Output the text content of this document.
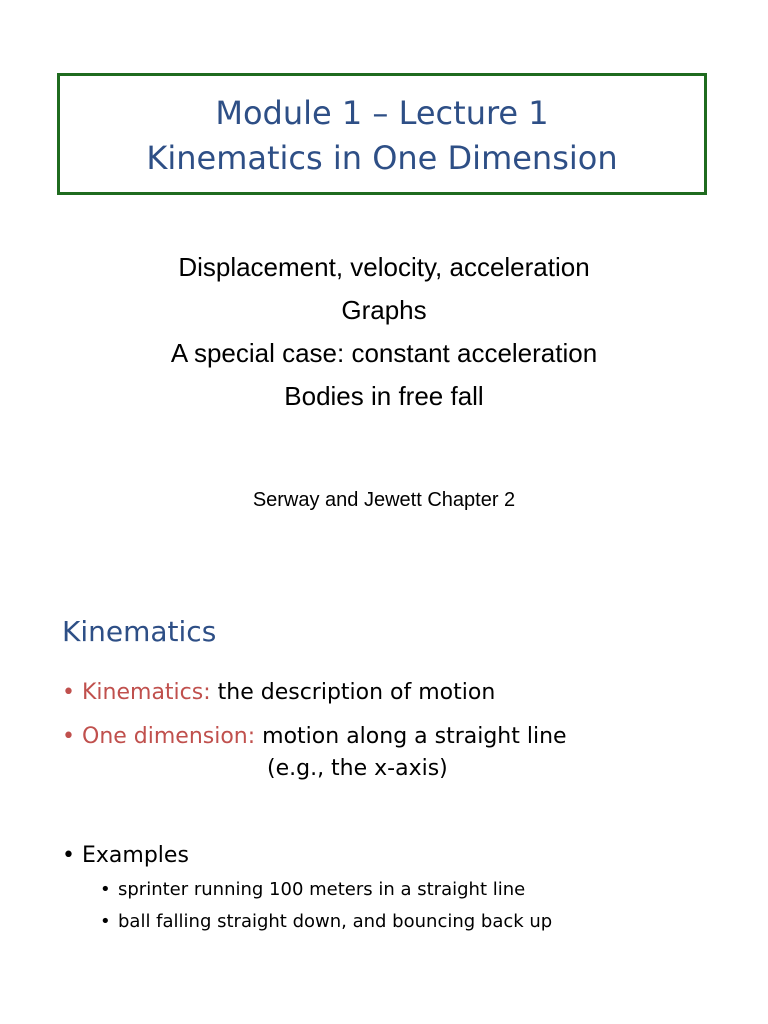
Module 1 – Lecture 1
Kinematics in One Dimension
Displacement, velocity, acceleration
Graphs
A special case: constant acceleration
Bodies in free fall
Serway and Jewett Chapter 2
Kinematics
• Kinematics: the description of motion
• One dimension: motion along a straight line
(e.g., the x-axis)
• Examples
• sprinter running 100 meters in a straight line
• ball falling straight down, and bouncing back up
